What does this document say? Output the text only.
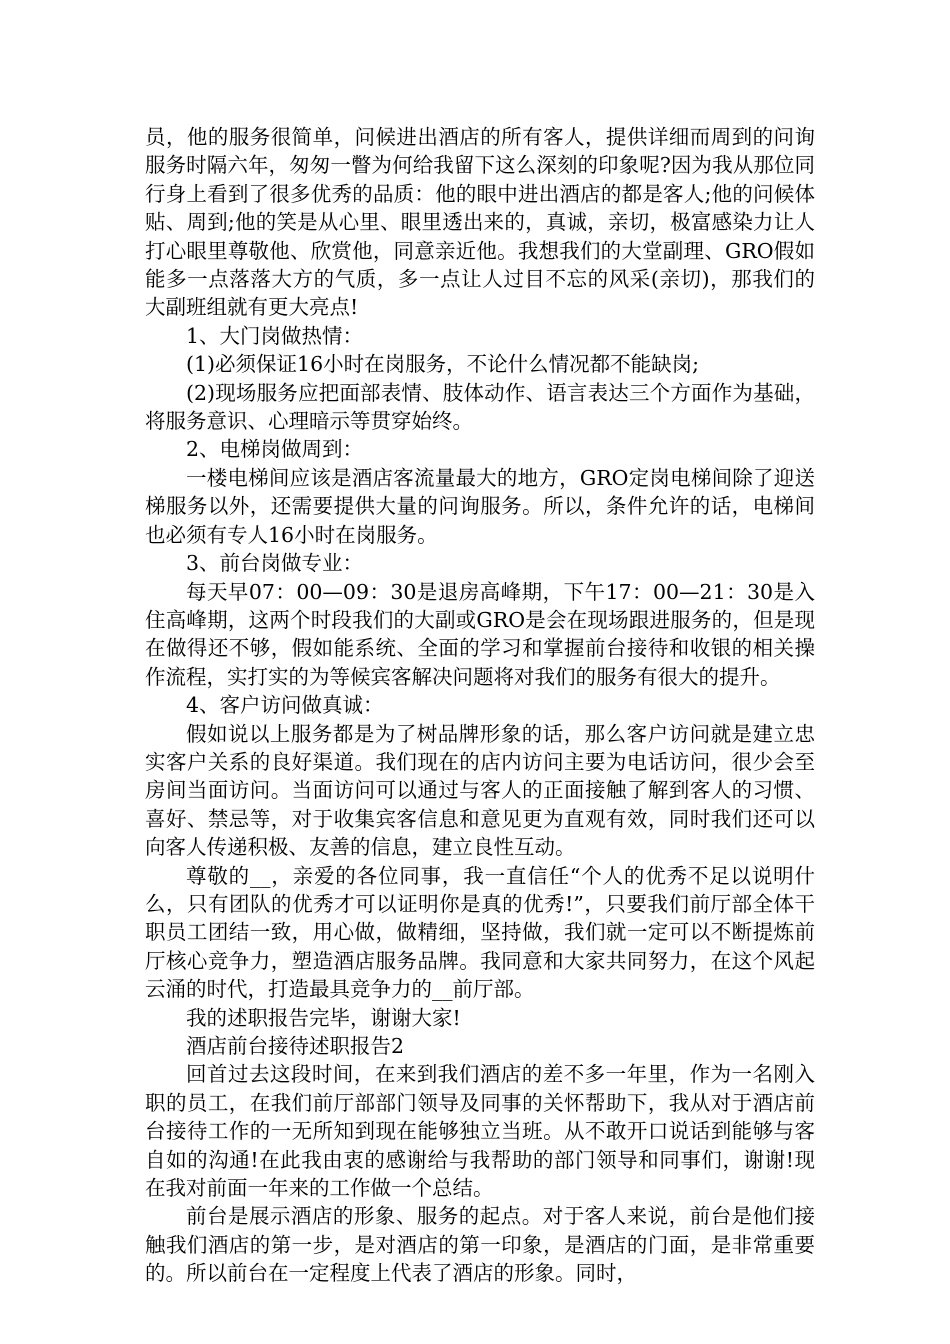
员，他的服务很简单，问候进出酒店的所有客人，提供详细而周到的问询服务时隔六年，匆匆一瞥为何给我留下这么深刻的印象呢?因为我从那位同行身上看到了很多优秀的品质：他的眼中进出酒店的都是客人;他的问候体贴、周到;他的笑是从心里、眼里透出来的，真诚，亲切，极富感染力让人打心眼里尊敬他、欣赏他，同意亲近他。我想我们的大堂副理、GRO假如能多一点落落大方的气质，多一点让人过目不忘的风采(亲切)，那我们的大副班组就有更大亮点!

1、大门岗做热情：

(1)必须保证16小时在岗服务，不论什么情况都不能缺岗;

(2)现场服务应把面部表情、肢体动作、语言表达三个方面作为基础，将服务意识、心理暗示等贯穿始终。

2、电梯岗做周到：

一楼电梯间应该是酒店客流量最大的地方，GRO定岗电梯间除了迎送梯服务以外，还需要提供大量的问询服务。所以，条件允许的话，电梯间也必须有专人16小时在岗服务。

3、前台岗做专业：

每天早07：00—09：30是退房高峰期，下午17：00—21：30是入住高峰期，这两个时段我们的大副或GRO是会在现场跟进服务的，但是现在做得还不够，假如能系统、全面的学习和掌握前台接待和收银的相关操作流程，实打实的为等候宾客解决问题将对我们的服务有很大的提升。

4、客户访问做真诚：

假如说以上服务都是为了树品牌形象的话，那么客户访问就是建立忠实客户关系的良好渠道。我们现在的店内访问主要为电话访问，很少会至房间当面访问。当面访问可以通过与客人的正面接触了解到客人的习惯、喜好、禁忌等，对于收集宾客信息和意见更为直观有效，同时我们还可以向客人传递积极、友善的信息，建立良性互动。

尊敬的__，亲爱的各位同事，我一直信任“个人的优秀不足以说明什么，只有团队的优秀才可以证明你是真的优秀!”，只要我们前厅部全体干职员工团结一致，用心做，做精细，坚持做，我们就一定可以不断提炼前厅核心竞争力，塑造酒店服务品牌。我同意和大家共同努力，在这个风起云涌的时代，打造最具竞争力的__前厅部。

我的述职报告完毕，谢谢大家!

酒店前台接待述职报告2

回首过去这段时间，在来到我们酒店的差不多一年里，作为一名刚入职的员工，在我们前厅部部门领导及同事的关怀帮助下，我从对于酒店前台接待工作的一无所知到现在能够独立当班。从不敢开口说话到能够与客自如的沟通!在此我由衷的感谢给与我帮助的部门领导和同事们，谢谢!现在我对前面一年来的工作做一个总结。

前台是展示酒店的形象、服务的起点。对于客人来说，前台是他们接触我们酒店的第一步，是对酒店的第一印象，是酒店的门面，是非常重要的。所以前台在一定程度上代表了酒店的形象。同时，
